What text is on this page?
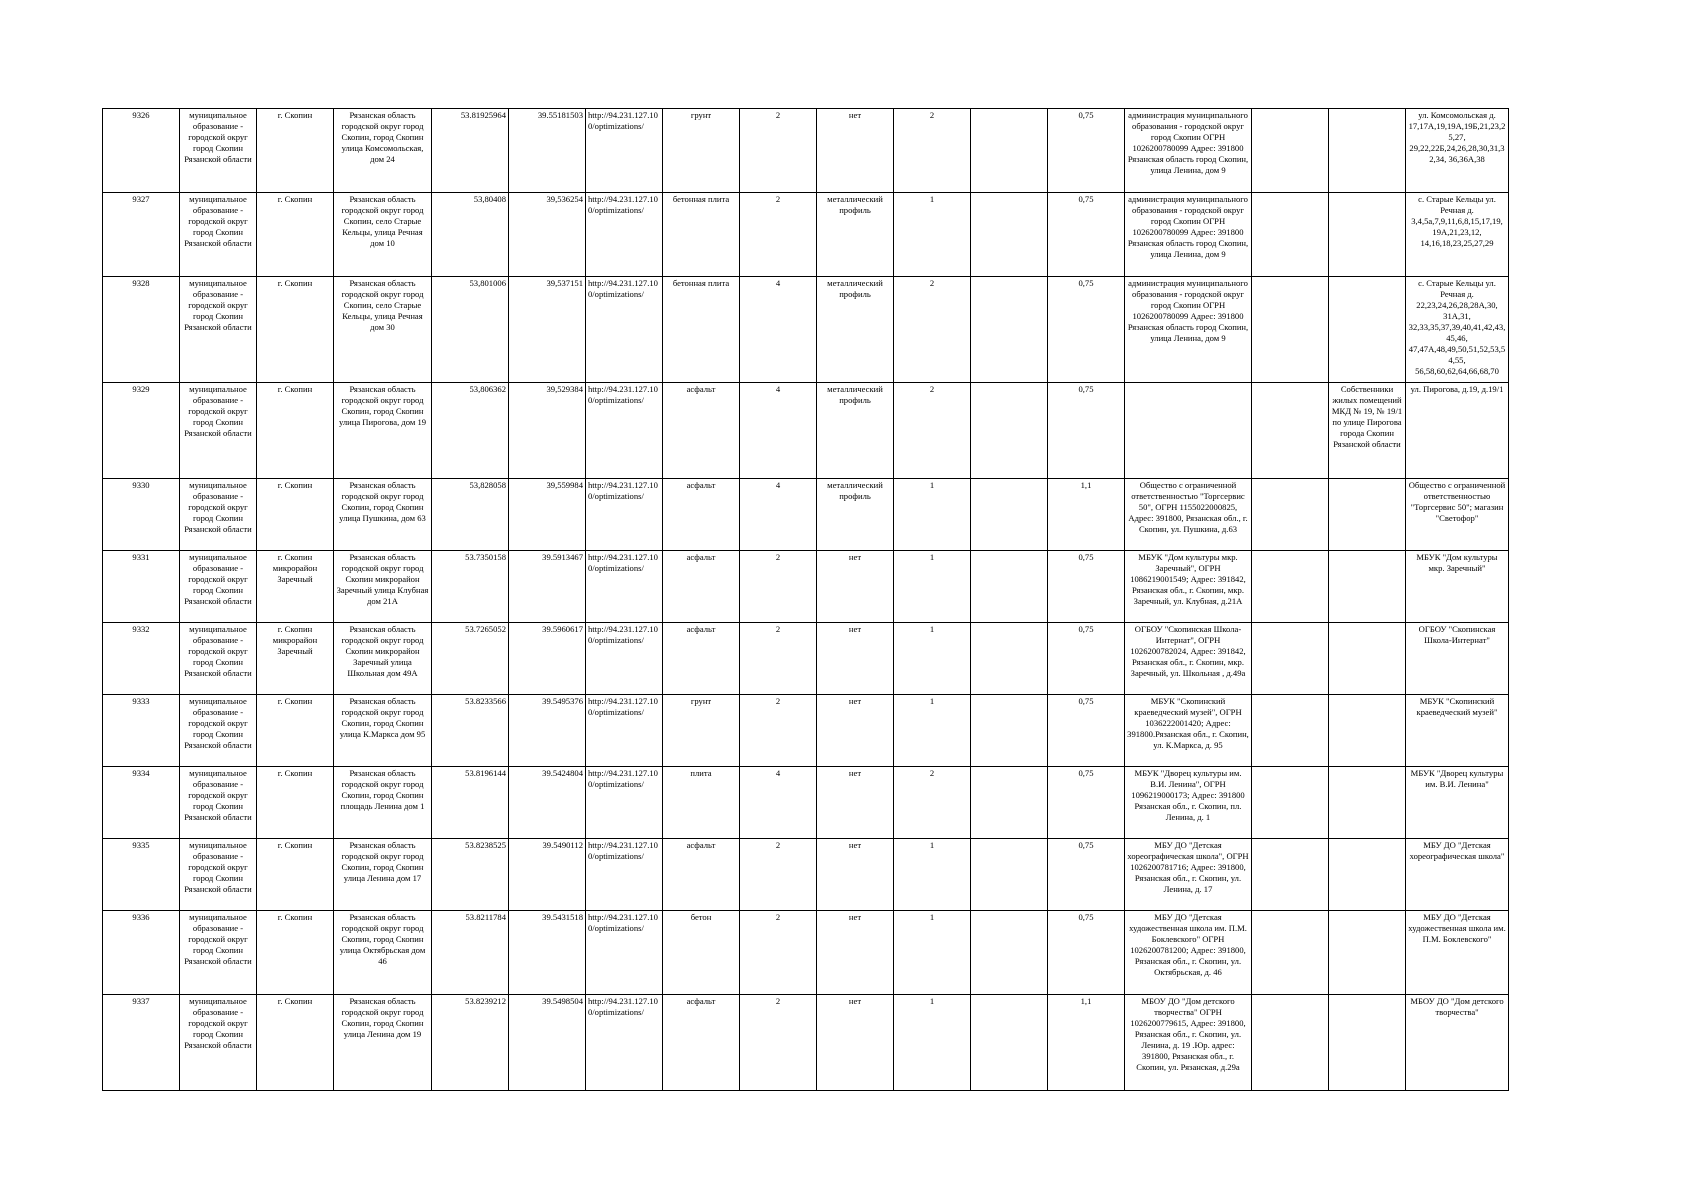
9326	муниципальное образование - городской округ город Скопин Рязанской области	г. Скопин	Рязанская область городской округ город Скопин, город Скопин улица Комсомольская, дом 24	53.81925964	39.55181503	http://94.231.127.100/optimizations/	грунт	2	нет	2		0,75	администрация муниципального образования - городской округ город Скопин ОГРН 1026200780099 Адрес: 391800 Рязанская область город Скопин, улица Ленина, дом 9			ул. Комсомольская д. 17,17А,19,19А,19Б,21,23,25,27, 29,22,22Б,24,26,28,30,31,32,34, 36,36А,38
9327	муниципальное образование - городской округ город Скопин Рязанской области	г. Скопин	Рязанская область городской округ город Скопин, село Старые Кельцы, улица Речная дом 10	53,80408	39,536254	http://94.231.127.100/optimizations/	бетонная плита	2	металлический профиль	1		0,75	администрация муниципального образования - городской округ город Скопин ОГРН 1026200780099 Адрес: 391800 Рязанская область город Скопин, улица Ленина, дом 9			с. Старые Кельцы ул. Речная д. 3,4,5а,7,9,11,6,8,15,17,19, 19А,21,23,12, 14,16,18,23,25,27,29
9328	муниципальное образование - городской округ город Скопин Рязанской области	г. Скопин	Рязанская область городской округ город Скопин, село Старые Кельцы, улица Речная дом 30	53,801006	39,537151	http://94.231.127.100/optimizations/	бетонная плита	4	металлический профиль	2		0,75	администрация муниципального образования - городской округ город Скопин ОГРН 1026200780099 Адрес: 391800 Рязанская область город Скопин, улица Ленина, дом 9			с. Старые Кельцы ул. Речная д. 22,23,24,26,28,28А,30, 31А,31, 32,33,35,37,39,40,41,42,43, 45,46, 47,47А,48,49,50,51,52,53,54,55, 56,58,60,62,64,66,68,70
9329	муниципальное образование - городской округ город Скопин Рязанской области	г. Скопин	Рязанская область городской округ город Скопин, город Скопин улица Пирогова, дом 19	53,806362	39,529384	http://94.231.127.100/optimizations/	асфальт	4	металлический профиль	2		0,75			Собственники жилых помещений МКД № 19, № 19/1 по улице Пирогова города Скопин Рязанской области	ул. Пирогова, д.19, д.19/1
9330	муниципальное образование - городской округ город Скопин Рязанской области	г. Скопин	Рязанская область городской округ город Скопин, город Скопин улица Пушкина, дом 63	53,828058	39,559984	http://94.231.127.100/optimizations/	асфальт	4	металлический профиль	1		1,1	Общество с ограниченной ответственностью "Торгсервис 50", ОГРН 1155022000825, Адрес: 391800, Рязанская обл., г. Скопин, ул. Пушкина, д.63			Общество с ограниченной ответственностью "Торгсервис 50"; магазин "Светофор"
9331	муниципальное образование - городской округ город Скопин Рязанской области	г. Скопин микрорайон Заречный	Рязанская область городской округ город Скопин микрорайон Заречный улица Клубная дом 21А	53.7350158	39.5913467	http://94.231.127.100/optimizations/	асфальт	2	нет	1		0,75	МБУК "Дом культуры мкр. Заречный", ОГРН 1086219001549; Адрес: 391842, Рязанская обл., г. Скопин, мкр. Заречный, ул. Клубная, д.21А			МБУК "Дом культуры мкр. Заречный"
9332	муниципальное образование - городской округ город Скопин Рязанской области	г. Скопин микрорайон Заречный	Рязанская область городской округ город Скопин микрорайон Заречный улица Школьная дом 49А	53.7265052	39.5960617	http://94.231.127.100/optimizations/	асфальт	2	нет	1		0,75	ОГБОУ "Скопинская Школа-Интернат", ОГРН 1026200782024, Адрес: 391842, Рязанская обл., г. Скопин, мкр. Заречный, ул. Школьная , д.49а			ОГБОУ "Скопинская Школа-Интернат"
9333	муниципальное образование - городской округ город Скопин Рязанской области	г. Скопин	Рязанская область городской округ город Скопин, город Скопин улица К.Маркса дом 95	53.8233566	39.5495376	http://94.231.127.100/optimizations/	грунт	2	нет	1		0,75	МБУК "Скопинский краеведческий музей", ОГРН 1036222001420; Адрес: 391800.Рязанская обл., г. Скопин, ул. К.Маркса, д. 95			МБУК "Скопинский краеведческий музей"
9334	муниципальное образование - городской округ город Скопин Рязанской области	г. Скопин	Рязанская область городской округ город Скопин, город Скопин площадь Ленина дом 1	53.8196144	39.5424804	http://94.231.127.100/optimizations/	плита	4	нет	2		0,75	МБУК "Дворец культуры им. В.И. Ленина", ОГРН 1096219000173; Адрес: 391800 Рязанская обл., г. Скопин, пл. Ленина, д. 1			МБУК "Дворец культуры им. В.И. Ленина"
9335	муниципальное образование - городской округ город Скопин Рязанской области	г. Скопин	Рязанская область городской округ город Скопин, город Скопин улица Ленина дом 17	53.8238525	39.5490112	http://94.231.127.100/optimizations/	асфальт	2	нет	1		0,75	МБУ ДО "Детская хореографическая школа", ОГРН 1026200781716; Адрес: 391800, Рязанская обл., г. Скопин, ул. Ленина, д. 17			МБУ ДО "Детская хореографическая школа"
9336	муниципальное образование - городской округ город Скопин Рязанской области	г. Скопин	Рязанская область городской округ город Скопин, город Скопин улица Октябрьская дом 46	53.8211784	39.5431518	http://94.231.127.100/optimizations/	бетон	2	нет	1		0,75	МБУ ДО "Детская художественная школа им. П.М. Боклевского" ОГРН 1026200781200; Адрес: 391800, Рязанская обл., г. Скопин, ул. Октябрьская, д. 46			МБУ ДО "Детская художественная школа им. П.М. Боклевского"
9337	муниципальное образование - городской округ город Скопин Рязанской области	г. Скопин	Рязанская область городской округ город Скопин, город Скопин улица Ленина дом 19	53.8239212	39.5498504	http://94.231.127.100/optimizations/	асфальт	2	нет	1		1,1	МБОУ ДО "Дом детского творчества" ОГРН 1026200779615, Адрес: 391800, Рязанская обл., г. Скопин, ул. Ленина, д. 19 .Юр. адрес: 391800, Рязанская обл., г. Скопин, ул. Рязанская, д.29а			МБОУ ДО "Дом детского творчества"
